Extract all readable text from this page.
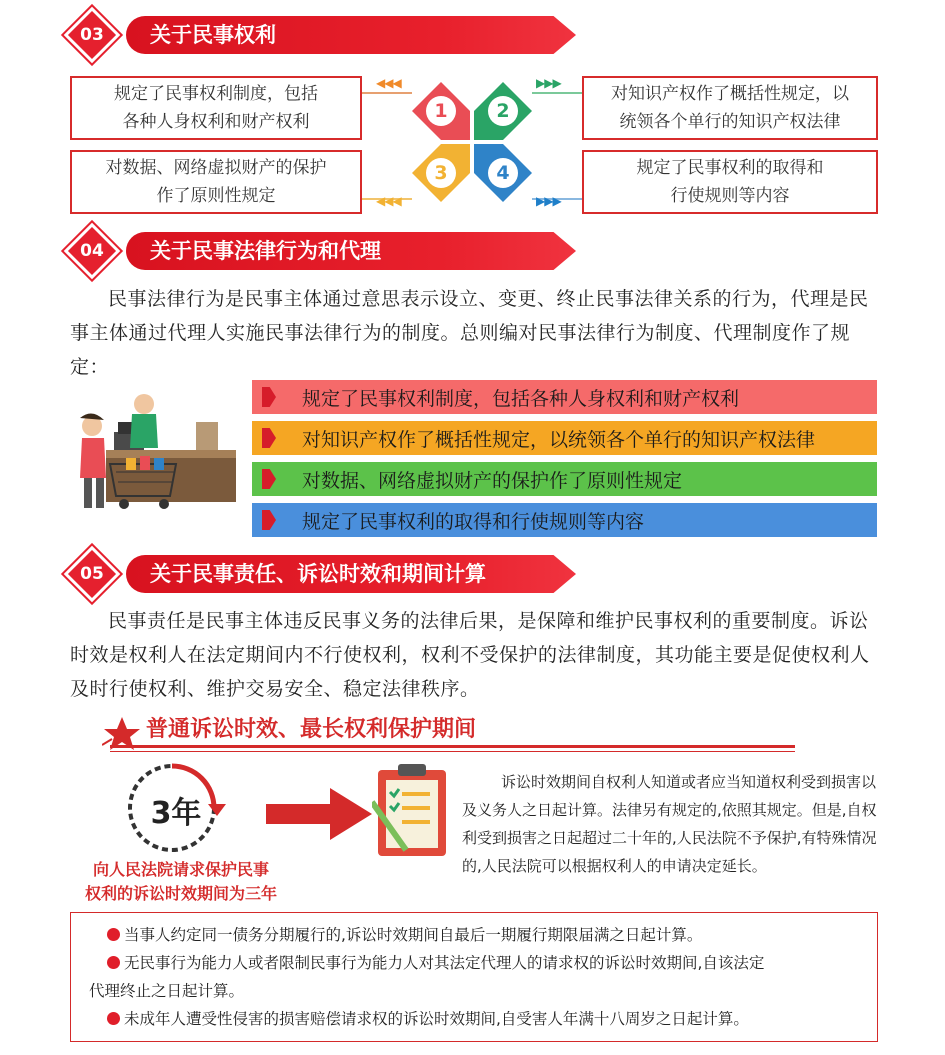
03	关于民事权利
规定了民事权利制度，包括
各种人身权利和财产权利
对知识产权作了概括性规定，以
统领各个单行的知识产权法律
对数据、网络虚拟财产的保护
作了原则性规定
规定了民事权利的取得和
行使规则等内容
◀◀◀	▶▶▶
◀◀◀	▶▶▶
1	2
3	4
04	关于民事法律行为和代理
民事法律行为是民事主体通过意思表示设立、变更、终止民事法律关系的行为，代理是民事主体通过代理人实施民事法律行为的制度。总则编对民事法律行为制度、代理制度作了规定：
规定了民事权利制度，包括各种人身权利和财产权利
对知识产权作了概括性规定，以统领各个单行的知识产权法律
对数据、网络虚拟财产的保护作了原则性规定
规定了民事权利的取得和行使规则等内容
05	关于民事责任、诉讼时效和期间计算
民事责任是民事主体违反民事义务的法律后果，是保障和维护民事权利的重要制度。诉讼时效是权利人在法定期间内不行使权利，权利不受保护的法律制度，其功能主要是促使权利人及时行使权利、维护交易安全、稳定法律秩序。
普通诉讼时效、最长权利保护期间
3年
向人民法院请求保护民事
权利的诉讼时效期间为三年
诉讼时效期间自权利人知道或者应当知道权利受到损害以及义务人之日起计算。法律另有规定的,依照其规定。但是,自权利受到损害之日起超过二十年的,人民法院不予保护,有特殊情况的,人民法院可以根据权利人的申请决定延长。
当事人约定同一债务分期履行的,诉讼时效期间自最后一期履行期限届满之日起计算。
无民事行为能力人或者限制民事行为能力人对其法定代理人的请求权的诉讼时效期间,自该法定
代理终止之日起计算。
未成年人遭受性侵害的损害赔偿请求权的诉讼时效期间,自受害人年满十八周岁之日起计算。
